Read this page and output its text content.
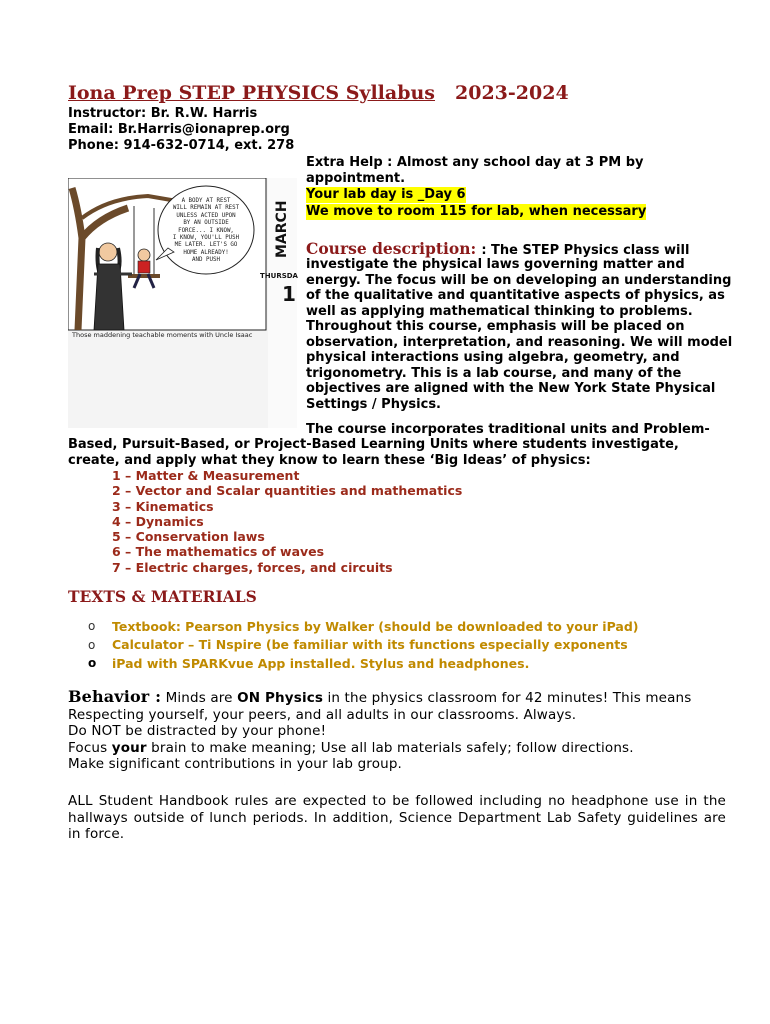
Iona Prep STEP PHYSICS Syllabus 2023-2024
Instructor: Br. R.W. Harris
Email: Br.Harris@ionaprep.org
Phone: 914-632-0714, ext. 278
Extra Help : Almost any school day at 3 PM by
appointment.
Your lab day is _Day 6
We move to room 115 for lab, when necessary
A BODY AT REST
WILL REMAIN AT REST
UNLESS ACTED UPON
BY AN OUTSIDE
FORCE... I KNOW,
I KNOW, YOU'LL PUSH
ME LATER. LET'S GO
HOME ALREADY!
AND PUSH
Those maddening teachable moments with Uncle Isaac
MARCH
THURSDA
1
Course description: : The STEP Physics class will
investigate the physical laws governing matter and
energy. The focus will be on developing an understanding
of the qualitative and quantitative aspects of physics, as
well as applying mathematical thinking to problems.
Throughout this course, emphasis will be placed on
observation, interpretation, and reasoning. We will model
physical interactions using algebra, geometry, and
trigonometry. This is a lab course, and many of the
objectives are aligned with the New York State Physical
Settings / Physics.
The course incorporates traditional units and Problem-
Based, Pursuit-Based, or Project-Based Learning Units where students investigate,
create, and apply what they know to learn these ‘Big Ideas’ of physics:
1 – Matter & Measurement
2 – Vector and Scalar quantities and mathematics
3 – Kinematics
4 – Dynamics
5 – Conservation laws
6 – The mathematics of waves
7 – Electric charges, forces, and circuits
TEXTS & MATERIALS
o	Textbook: Pearson Physics by Walker (should be downloaded to your iPad)
o	Calculator – Ti Nspire (be familiar with its functions especially exponents
o	iPad with SPARKvue App installed. Stylus and headphones.
Behavior : Minds are ON Physics in the physics classroom for 42 minutes! This means
Respecting yourself, your peers, and all adults in our classrooms. Always.
Do NOT be distracted by your phone!
Focus your brain to make meaning; Use all lab materials safely; follow directions.
Make significant contributions in your lab group.
ALL Student Handbook rules are expected to be followed including no headphone use in the hallways outside of lunch periods. In addition, Science Department Lab Safety guidelines are in force.
